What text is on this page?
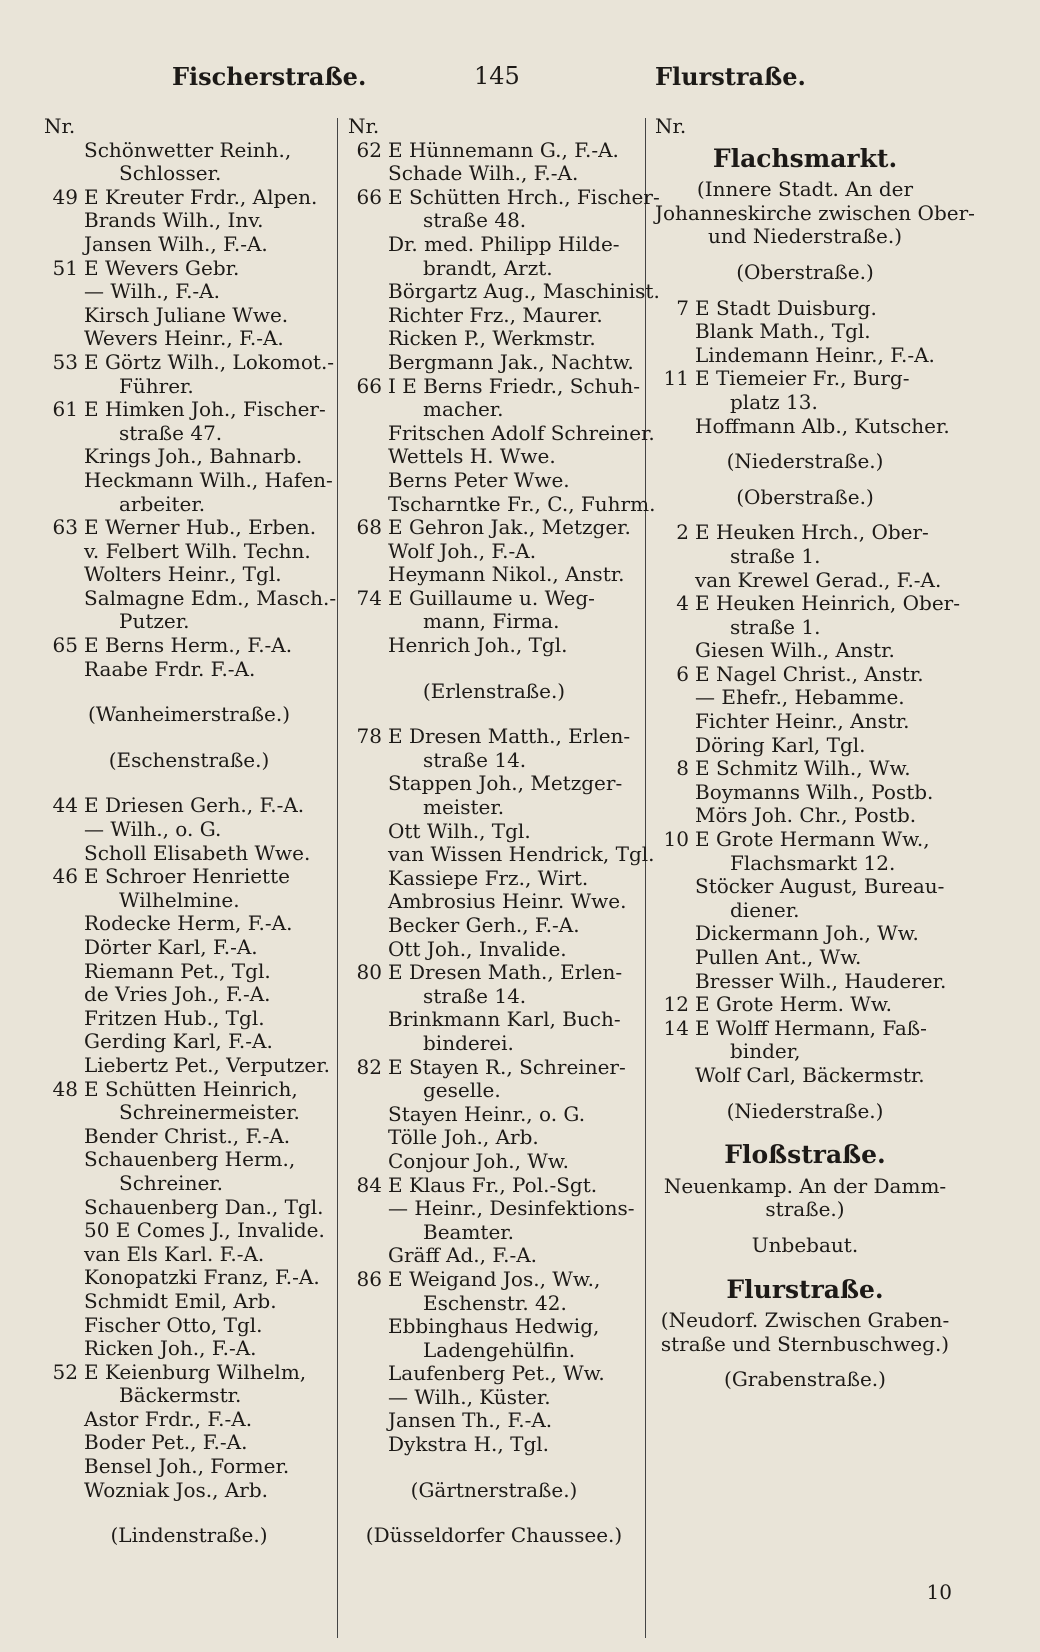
Fischerstraße.	145	Flurstraße.
Nr.
Schönwetter Reinh.,
Schlosser.
49 E Kreuter Frdr., Alpen.
Brands Wilh., Inv.
Jansen Wilh., F.-A.
51 E Wevers Gebr.
— Wilh., F.-A.
Kirsch Juliane Wwe.
Wevers Heinr., F.-A.
53 E Görtz Wilh., Lokomot.-
Führer.
61 E Himken Joh., Fischer-
straße 47.
Krings Joh., Bahnarb.
Heckmann Wilh., Hafen-
arbeiter.
63 E Werner Hub., Erben.
v. Felbert Wilh. Techn.
Wolters Heinr., Tgl.
Salmagne Edm., Masch.-
Putzer.
65 E Berns Herm., F.-A.
Raabe Frdr. F.-A.
(Wanheimerstraße.)
(Eschenstraße.)
44 E Driesen Gerh., F.-A.
— Wilh., o. G.
Scholl Elisabeth Wwe.
46 E Schroer Henriette
Wilhelmine.
Rodecke Herm, F.-A.
Dörter Karl, F.-A.
Riemann Pet., Tgl.
de Vries Joh., F.-A.
Fritzen Hub., Tgl.
Gerding Karl, F.-A.
Liebertz Pet., Verputzer.
48 E Schütten Heinrich,
Schreinermeister.
Bender Christ., F.-A.
Schauenberg Herm.,
Schreiner.
Schauenberg Dan., Tgl.
50 E Comes J., Invalide.
van Els Karl. F.-A.
Konopatzki Franz, F.-A.
Schmidt Emil, Arb.
Fischer Otto, Tgl.
Ricken Joh., F.-A.
52 E Keienburg Wilhelm,
Bäckermstr.
Astor Frdr., F.-A.
Boder Pet., F.-A.
Bensel Joh., Former.
Wozniak Jos., Arb.
(Lindenstraße.)
Nr.
62 E Hünnemann G., F.-A.
Schade Wilh., F.-A.
66 E Schütten Hrch., Fischer-
straße 48.
Dr. med. Philipp Hilde-
brandt, Arzt.
Börgartz Aug., Maschinist.
Richter Frz., Maurer.
Ricken P., Werkmstr.
Bergmann Jak., Nachtw.
66 I E Berns Friedr., Schuh-
macher.
Fritschen Adolf Schreiner.
Wettels H. Wwe.
Berns Peter Wwe.
Tscharntke Fr., C., Fuhrm.
68 E Gehron Jak., Metzger.
Wolf Joh., F.-A.
Heymann Nikol., Anstr.
74 E Guillaume u. Weg-
mann, Firma.
Henrich Joh., Tgl.
(Erlenstraße.)
78 E Dresen Matth., Erlen-
straße 14.
Stappen Joh., Metzger-
meister.
Ott Wilh., Tgl.
van Wissen Hendrick, Tgl.
Kassiepe Frz., Wirt.
Ambrosius Heinr. Wwe.
Becker Gerh., F.-A.
Ott Joh., Invalide.
80 E Dresen Math., Erlen-
straße 14.
Brinkmann Karl, Buch-
binderei.
82 E Stayen R., Schreiner-
geselle.
Stayen Heinr., o. G.
Tölle Joh., Arb.
Conjour Joh., Ww.
84 E Klaus Fr., Pol.-Sgt.
— Heinr., Desinfektions-
Beamter.
Gräff Ad., F.-A.
86 E Weigand Jos., Ww.,
Eschenstr. 42.
Ebbinghaus Hedwig,
Ladengehülfin.
Laufenberg Pet., Ww.
— Wilh., Küster.
Jansen Th., F.-A.
Dykstra H., Tgl.
(Gärtnerstraße.)
(Düsseldorfer Chaussee.)
Nr.
Flachsmarkt.
(Innere Stadt. An der
Johanneskirche zwischen Ober-
und Niederstraße.)
(Oberstraße.)
7 E Stadt Duisburg.
Blank Math., Tgl.
Lindemann Heinr., F.-A.
11 E Tiemeier Fr., Burg-
platz 13.
Hoffmann Alb., Kutscher.
(Niederstraße.)
(Oberstraße.)
2 E Heuken Hrch., Ober-
straße 1.
van Krewel Gerad., F.-A.
4 E Heuken Heinrich, Ober-
straße 1.
Giesen Wilh., Anstr.
6 E Nagel Christ., Anstr.
— Ehefr., Hebamme.
Fichter Heinr., Anstr.
Döring Karl, Tgl.
8 E Schmitz Wilh., Ww.
Boymanns Wilh., Postb.
Mörs Joh. Chr., Postb.
10 E Grote Hermann Ww.,
Flachsmarkt 12.
Stöcker August, Bureau-
diener.
Dickermann Joh., Ww.
Pullen Ant., Ww.
Bresser Wilh., Hauderer.
12 E Grote Herm. Ww.
14 E Wolff Hermann, Faß-
binder,
Wolf Carl, Bäckermstr.
(Niederstraße.)
Floßstraße.
Neuenkamp. An der Damm-
straße.)
Unbebaut.
Flurstraße.
(Neudorf. Zwischen Graben-
straße und Sternbuschweg.)
(Grabenstraße.)
10
